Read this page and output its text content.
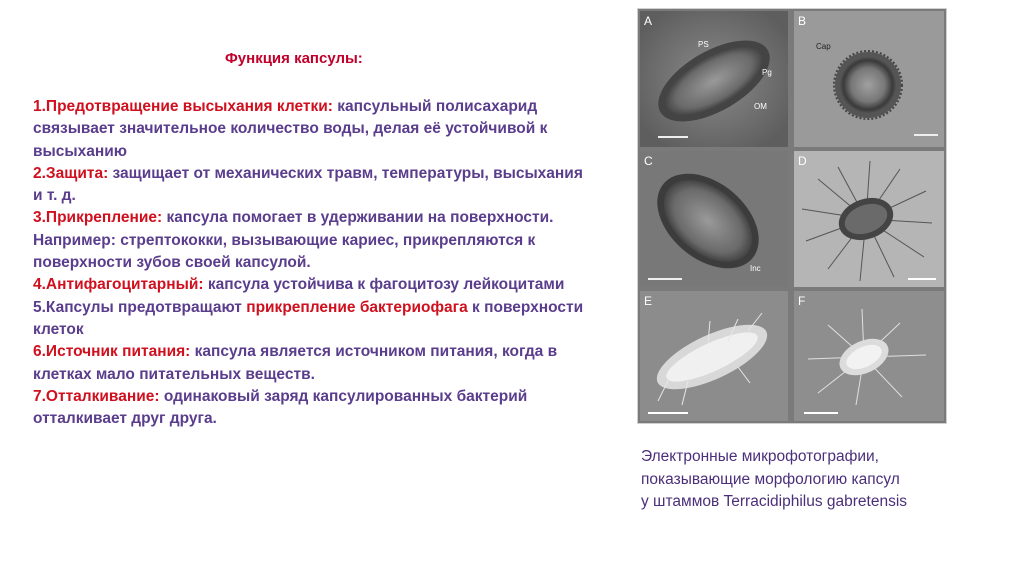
Функция капсулы:

1.Предотвращение высыхания клетки: капсульный полисахарид связывает значительное количество воды, делая её устойчивой к высыханию

2.Защита: защищает от механических травм, температуры, высыхания и т. д.

3.Прикрепление: капсула помогает в удерживании на поверхности. Например: стрептококки, вызывающие кариес, прикрепляются к поверхности зубов своей капсулой.

4.Антифагоцитарный: капсула устойчива к фагоцитозу лейкоцитами

5.Капсулы предотвращают прикрепление бактериофага к поверхности клеток

6.Источник питания: капсула является источником питания, когда в клетках мало питательных веществ.

7.Отталкивание: одинаковый заряд капсулированных бактерий отталкивает друг друга.

A
PS
OM
Pg
B
Cap
C
Inc
D
E	F
Электронные микрофотографии,
показывающие морфологию капсул
у штаммов Terracidiphilus gabretensis
